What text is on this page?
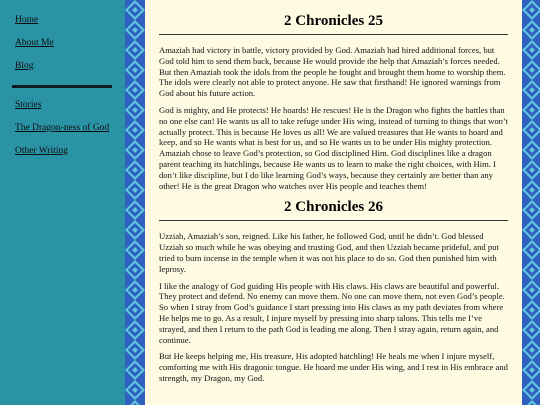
Home
About Me
Blog
Stories
The Dragon-ness of God
Other Writing
2 Chronicles 25

Amaziah had victory in battle, victory provided by God. Amaziah had hired additional forces, but God told him to send them back, because He would provide the help that Amaziah’s forces needed. But then Amaziah took the idols from the people he fought and brought them home to worship them. The idols were clearly not able to protect anyone. He saw that firsthand! He ignored warnings from God about his future action.

God is mighty, and He protects! He hoards! He rescues! He is the Dragon who fights the battles than no one else can! He wants us all to take refuge under His wing, instead of turning to things that won’t actually protect. This is because He loves us all! We are valued treasures that He wants to hoard and keep, and so He wants what is best for us, and so He wants us to be under His mighty protection. Amaziah chose to leave God’s protection, so God disciplined Him. God disciplines like a dragon parent teaching its hatchlings, because He wants us to learn to make the right choices, with Him. I don’t like discipline, but I do like learning God’s ways, because they certainly are better than any other! He is the great Dragon who watches over His people and teaches them!

2 Chronicles 26

Uzziah, Amaziah’s son, reigned. Like his father, he followed God, until he didn’t. God blessed Uzziah so much while he was obeying and trusting God, and then Uzziah became prideful, and put tried to burn incense in the temple when it was not his place to do so. God then punished him with leprosy.

I like the analogy of God guiding His people with His claws. His claws are beautiful and powerful. They protect and defend. No enemy can move them. No one can move them, not even God’s people. So when I stray from God’s guidance I start pressing into His claws as my path deviates from where He helps me to go. As a result, I injure myself by pressing into sharp talons. This tells me I’ve strayed, and then I return to the path God is leading me along. Then I stray again, return again, and continue.

But He keeps helping me, His treasure, His adopted hatchling! He heals me when I injure myself, comforting me with His dragonic tongue. He hoard me under His wing, and I rest in His embrace and strength, my Dragon, my God.
